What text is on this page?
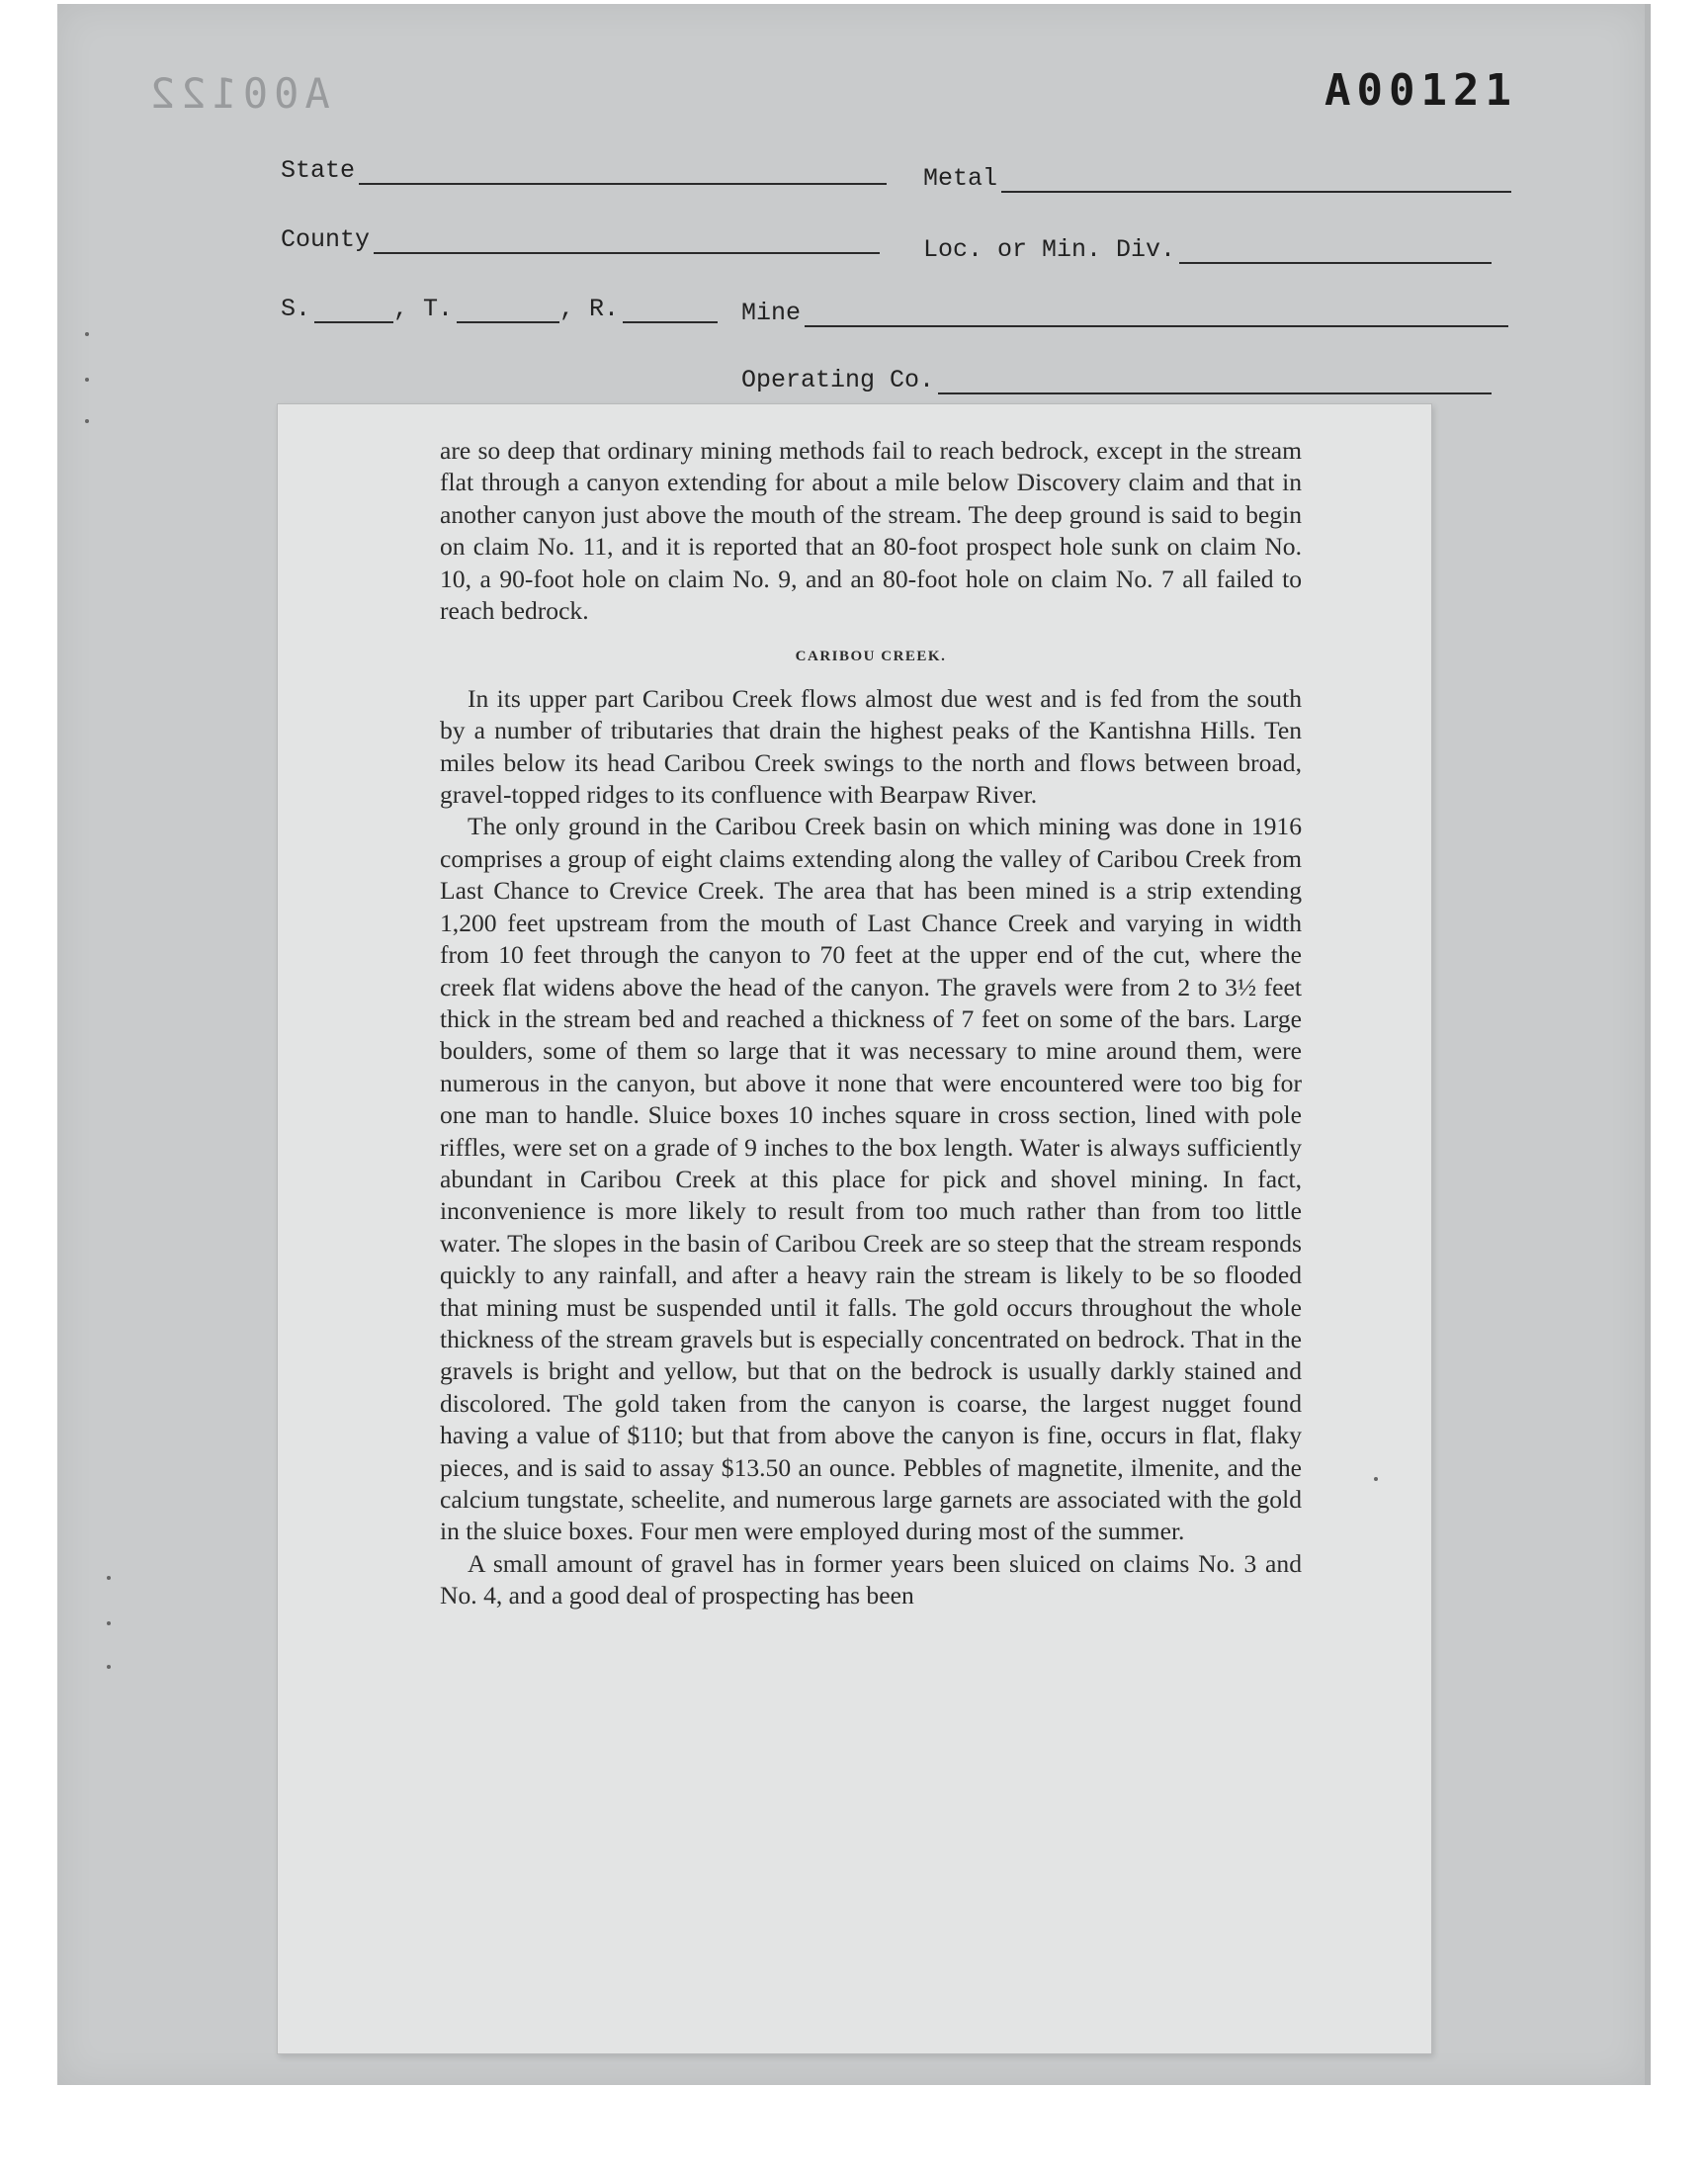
A00122	A00121
State	Metal
County	Loc. or Min. Div.
S.	, T.	, R.	Mine
Operating Co.

are so deep that ordinary mining methods fail to reach bedrock, except in the stream flat through a canyon extending for about a mile below Discovery claim and that in another canyon just above the mouth of the stream. The deep ground is said to begin on claim No. 11, and it is reported that an 80-foot prospect hole sunk on claim No. 10, a 90-foot hole on claim No. 9, and an 80-foot hole on claim No. 7 all failed to reach bedrock.

CARIBOU CREEK.

In its upper part Caribou Creek flows almost due west and is fed from the south by a number of tributaries that drain the highest peaks of the Kantishna Hills. Ten miles below its head Caribou Creek swings to the north and flows between broad, gravel-topped ridges to its confluence with Bearpaw River.

The only ground in the Caribou Creek basin on which mining was done in 1916 comprises a group of eight claims extending along the valley of Caribou Creek from Last Chance to Crevice Creek. The area that has been mined is a strip extending 1,200 feet upstream from the mouth of Last Chance Creek and varying in width from 10 feet through the canyon to 70 feet at the upper end of the cut, where the creek flat widens above the head of the canyon. The gravels were from 2 to 3½ feet thick in the stream bed and reached a thickness of 7 feet on some of the bars. Large boulders, some of them so large that it was necessary to mine around them, were numerous in the canyon, but above it none that were encountered were too big for one man to handle. Sluice boxes 10 inches square in cross section, lined with pole riffles, were set on a grade of 9 inches to the box length. Water is always sufficiently abundant in Caribou Creek at this place for pick and shovel mining. In fact, inconvenience is more likely to result from too much rather than from too little water. The slopes in the basin of Caribou Creek are so steep that the stream responds quickly to any rainfall, and after a heavy rain the stream is likely to be so flooded that mining must be suspended until it falls. The gold occurs throughout the whole thickness of the stream gravels but is especially concentrated on bedrock. That in the gravels is bright and yellow, but that on the bedrock is usually darkly stained and discolored. The gold taken from the canyon is coarse, the largest nugget found having a value of $110; but that from above the canyon is fine, occurs in flat, flaky pieces, and is said to assay $13.50 an ounce. Pebbles of magnetite, ilmenite, and the calcium tungstate, scheelite, and numerous large garnets are associated with the gold in the sluice boxes. Four men were employed during most of the summer.

A small amount of gravel has in former years been sluiced on claims No. 3 and No. 4, and a good deal of prospecting has been
